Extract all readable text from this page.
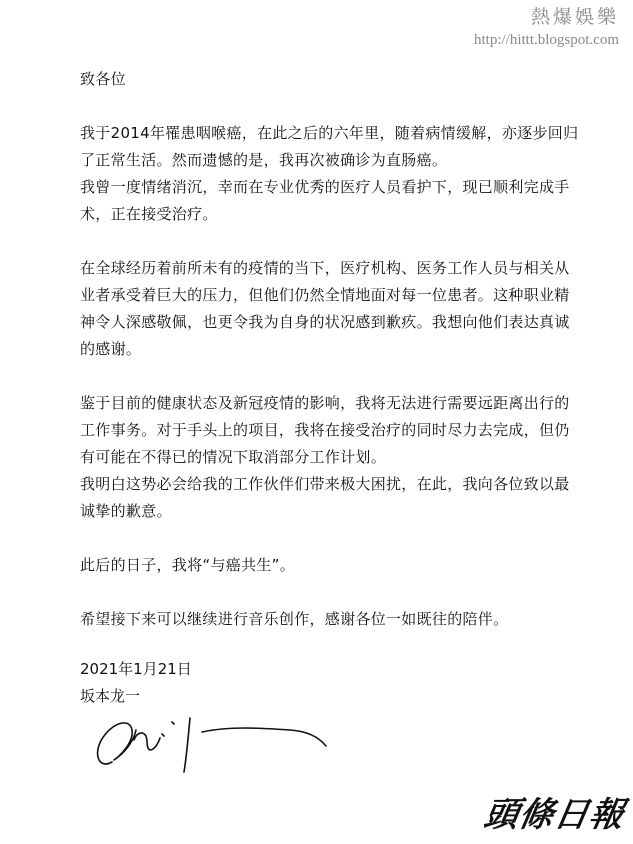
熱爆娛樂
http://hittt.blogspot.com

致各位

我于2014年罹患咽喉癌，在此之后的六年里，随着病情缓解，亦逐步回归

了正常生活。然而遗憾的是，我再次被确诊为直肠癌。

我曾一度情绪消沉，幸而在专业优秀的医疗人员看护下，现已顺利完成手

术，正在接受治疗。

在全球经历着前所未有的疫情的当下，医疗机构、医务工作人员与相关从

业者承受着巨大的压力，但他们仍然全情地面对每一位患者。这种职业精

神令人深感敬佩，也更令我为自身的状况感到歉疚。我想向他们表达真诚

的感谢。

鉴于目前的健康状态及新冠疫情的影响，我将无法进行需要远距离出行的

工作事务。对于手头上的项目，我将在接受治疗的同时尽力去完成，但仍

有可能在不得已的情况下取消部分工作计划。

我明白这势必会给我的工作伙伴们带来极大困扰，在此，我向各位致以最

诚挚的歉意。

此后的日子，我将“与癌共生”。

希望接下来可以继续进行音乐创作，感谢各位一如既往的陪伴。

2021年1月21日
坂本龙一
頭條日報
